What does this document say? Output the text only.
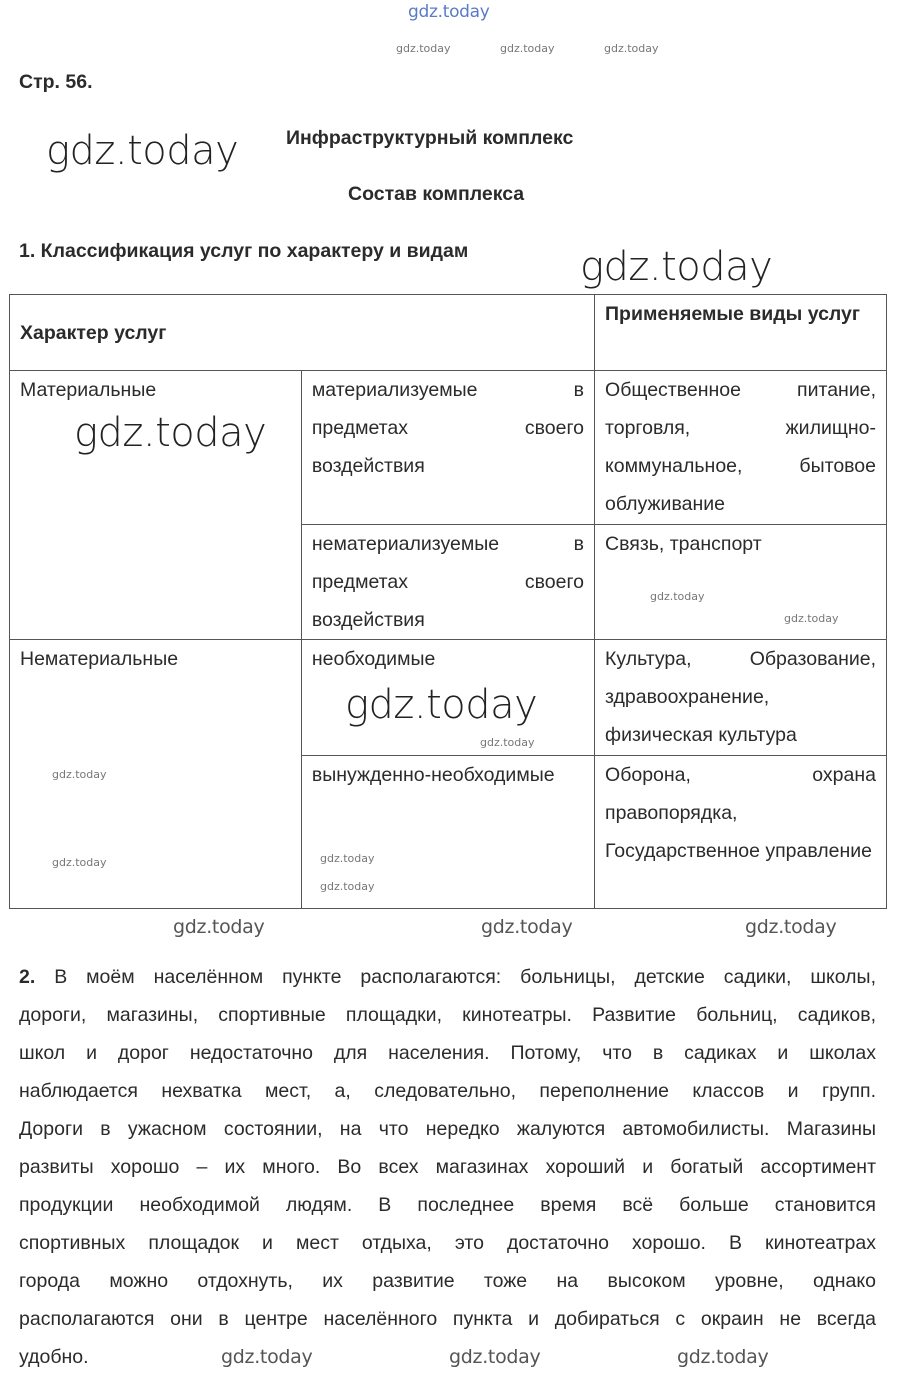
gdz.today
gdz.today	gdz.today	gdz.today
Стр. 56.
gdz.today Инфраструктурный комплекс
Состав комплекса
1. Классификация услуг по характеру и видам	gdz.today
Характер услуг		Применяемые виды услуг
Материальные	материализуемые в предметах своего воздействия	Общественное питание, торговля, жилищно-коммунальное, бытовое облуживание
	нематериализуемые в предметах своего воздействия	Связь, транспорт
Нематериальные	необходимые	Культура, Образование, здравоохранение, физическая культура
	вынужденно-необходимые	Оборона, охрана правопорядка, Государственное управление
gdz.today
gdz.today
gdz.today
gdz.today
gdz.today
gdz.today
gdz.today
gdz.today
gdz.today
gdz.today	gdz.today	gdz.today
2. В моём населённом пункте располагаются: больницы, детские садики, школы,
дороги, магазины, спортивные площадки, кинотеатры. Развитие больниц, садиков,
школ и дорог недостаточно для населения. Потому, что в садиках и школах
наблюдается нехватка мест, а, следовательно, переполнение классов и групп.
Дороги в ужасном состоянии, на что нередко жалуются автомобилисты. Магазины
развиты хорошо – их много. Во всех магазинах хороший и богатый ассортимент
продукции необходимой людям. В последнее время всё больше становится
спортивных площадок и мест отдыха, это достаточно хорошо. В кинотеатрах
города можно отдохнуть, их развитие тоже на высоком уровне, однако
располагаются они в центре населённого пункта и добираться с окраин не всегда
удобно.	gdz.today	gdz.today	gdz.today
